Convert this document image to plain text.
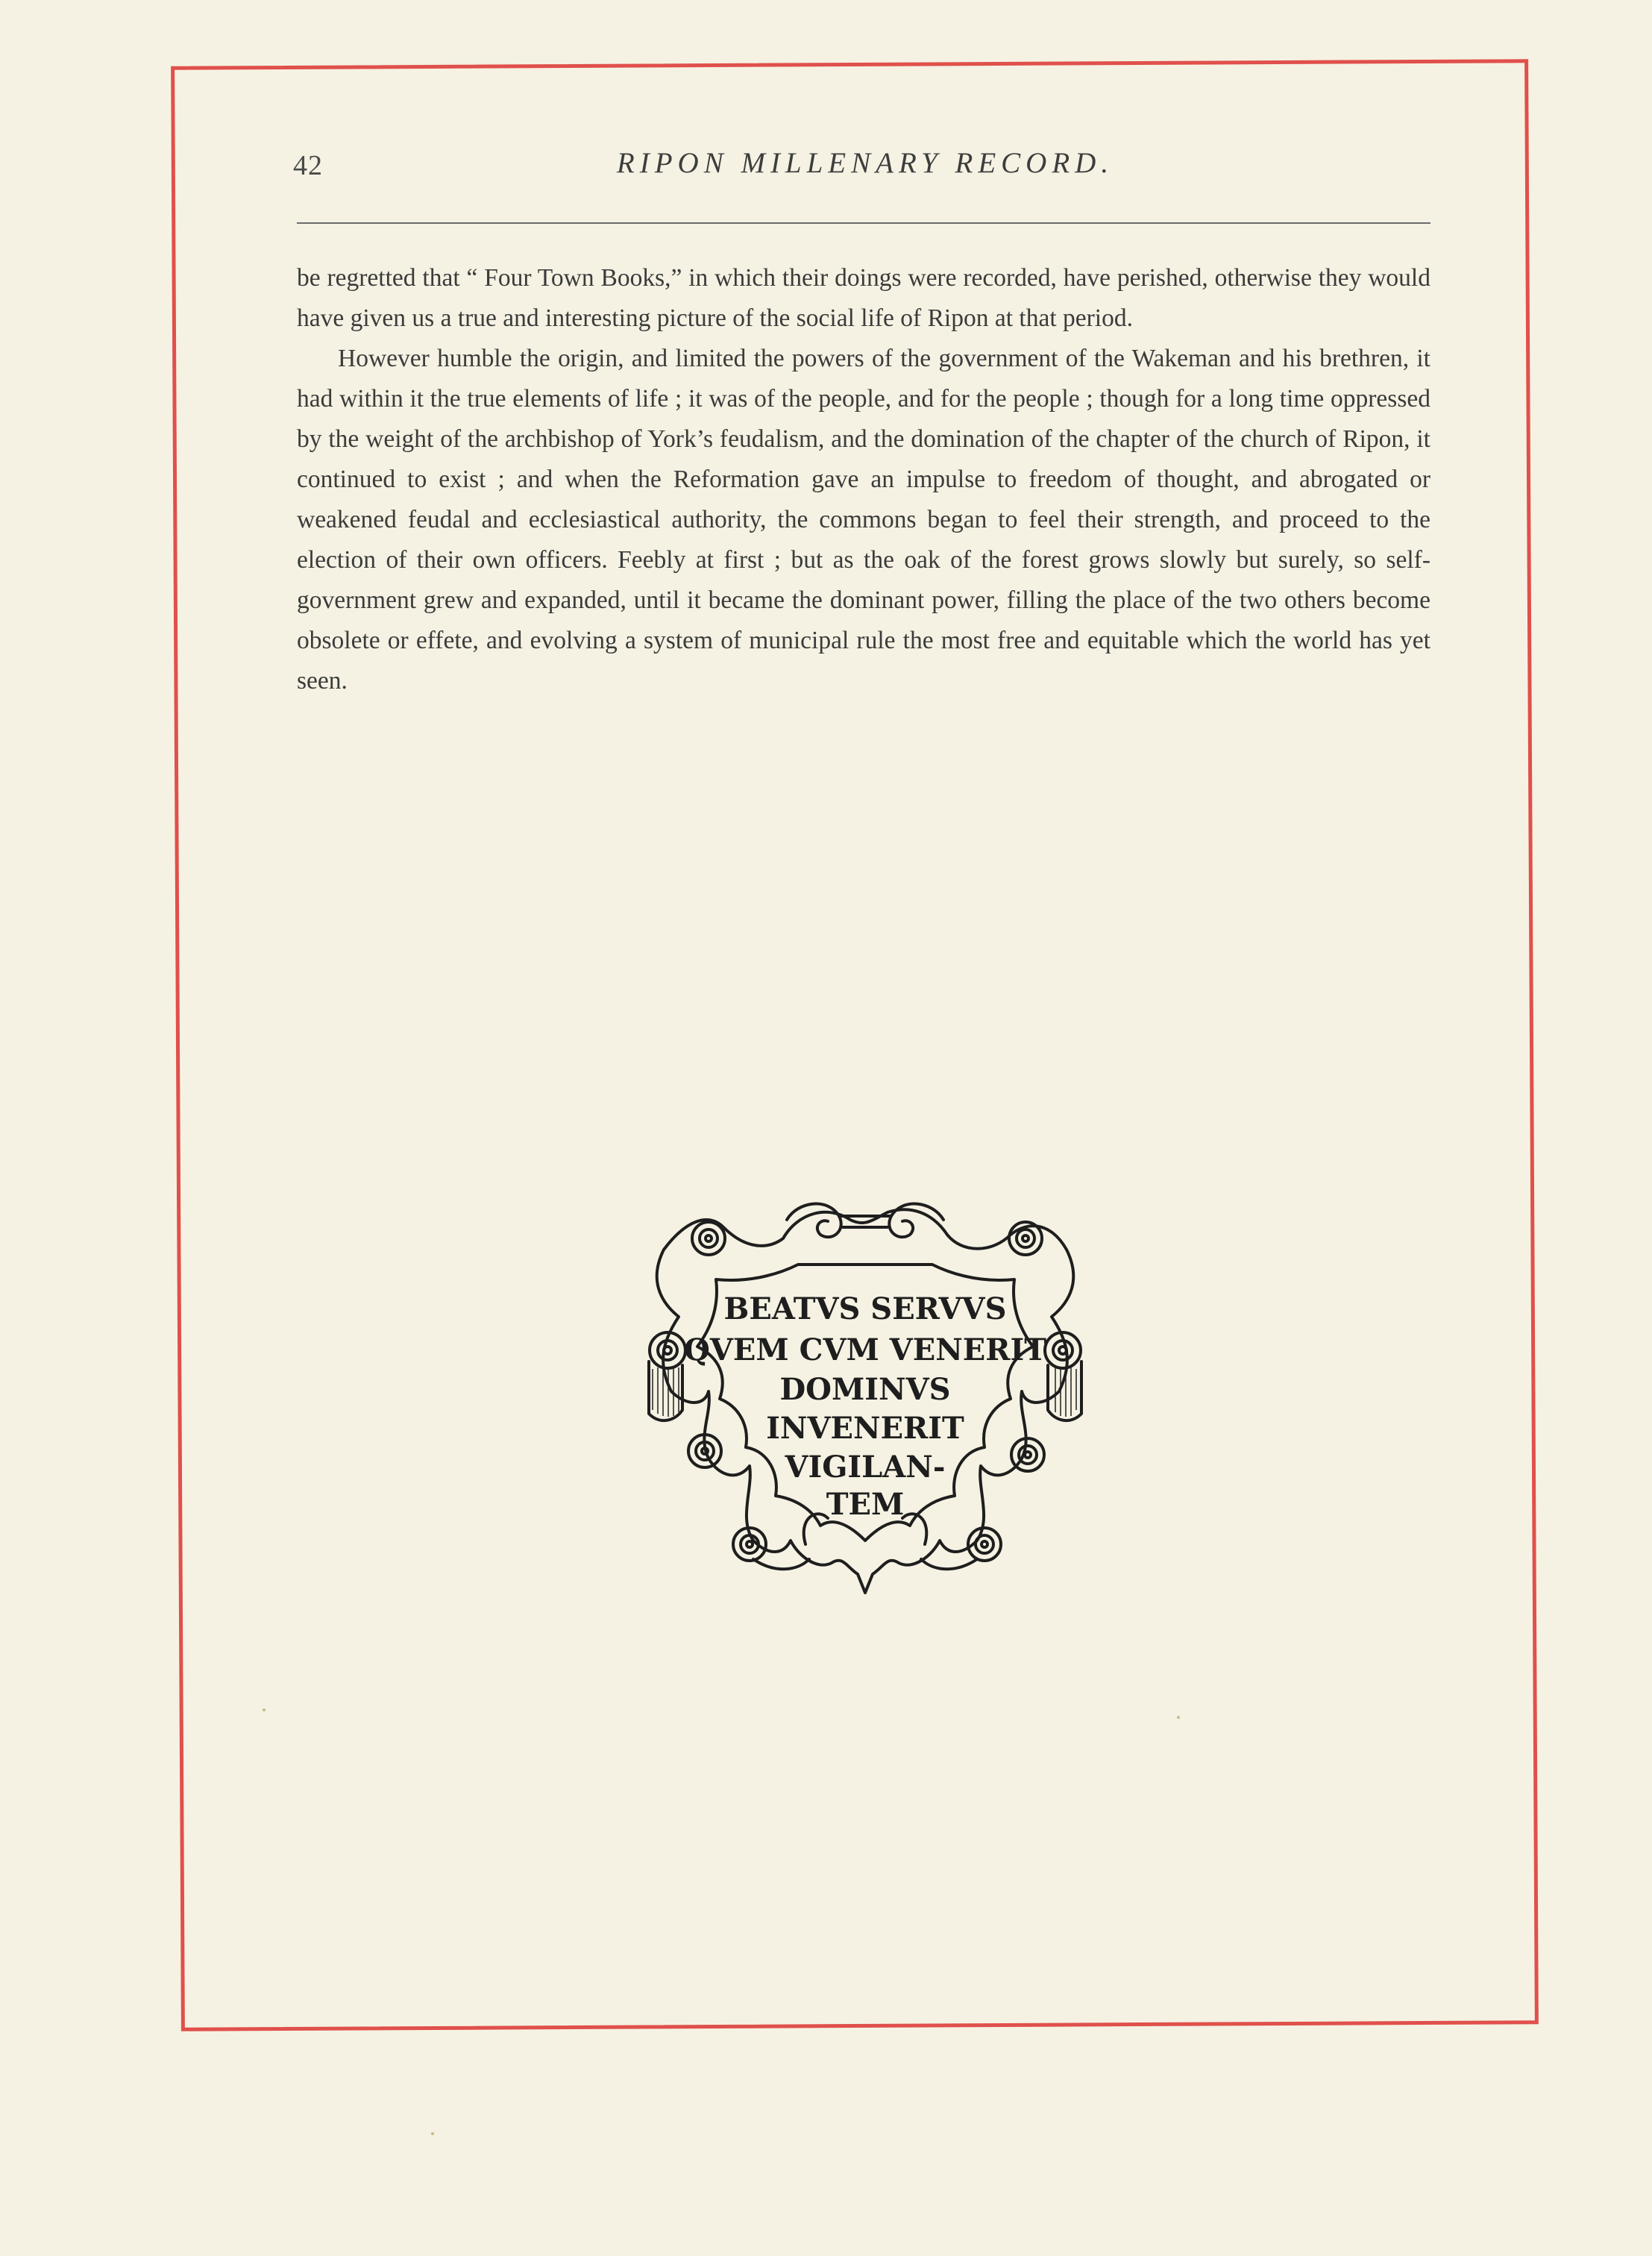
42	RIPON MILLENARY RECORD.

be regretted that “ Four Town Books,” in which their doings were recorded, have perished, otherwise they would have given us a true and interesting picture of the social life of Ripon at that period.

However humble the origin, and limited the powers of the government of the Wakeman and his brethren, it had within it the true elements of life ; it was of the people, and for the people ; though for a long time oppressed by the weight of the archbishop of York’s feudalism, and the domination of the chapter of the church of Ripon, it continued to exist ; and when the Reformation gave an impulse to freedom of thought, and abrogated or weakened feudal and ecclesiastical authority, the commons began to feel their strength, and proceed to the election of their own officers. Feebly at first ; but as the oak of the forest grows slowly but surely, so self-government grew and expanded, until it became the dominant power, filling the place of the two others become obsolete or effete, and evolving a system of municipal rule the most free and equitable which the world has yet seen.

BEATVS SERVVS
QVEM CVM VENERIT
DOMINVS
INVENERIT
VIGILAN-
TEM
